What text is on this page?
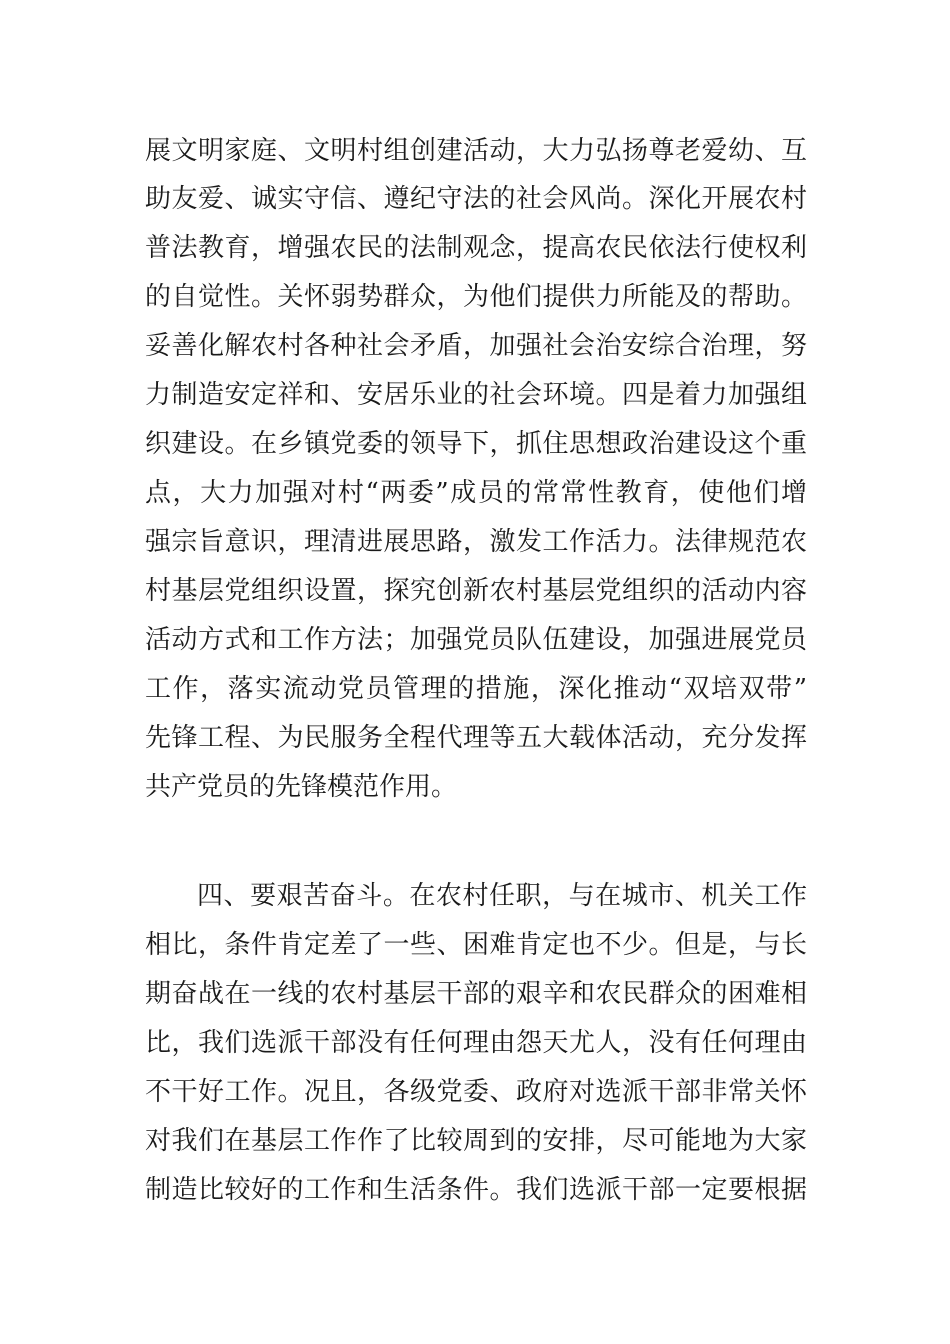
展文明家庭、文明村组创建活动，大力弘扬尊老爱幼、互
助友爱、诚实守信、遵纪守法的社会风尚。深化开展农村
普法教育，增强农民的法制观念，提高农民依法行使权利
的自觉性。关怀弱势群众，为他们提供力所能及的帮助。
妥善化解农村各种社会矛盾，加强社会治安综合治理，努
力制造安定祥和、安居乐业的社会环境。四是着力加强组
织建设。在乡镇党委的领导下，抓住思想政治建设这个重
点，大力加强对村“两委”成员的常常性教育，使他们增
强宗旨意识，理清进展思路，激发工作活力。法律规范农
村基层党组织设置，探究创新农村基层党组织的活动内容
活动方式和工作方法；加强党员队伍建设，加强进展党员
工作，落实流动党员管理的措施，深化推动“双培双带”
先锋工程、为民服务全程代理等五大载体活动，充分发挥
共产党员的先锋模范作用。
四、要艰苦奋斗。在农村任职，与在城市、机关工作
相比，条件肯定差了一些、困难肯定也不少。但是，与长
期奋战在一线的农村基层干部的艰辛和农民群众的困难相
比，我们选派干部没有任何理由怨天尤人，没有任何理由
不干好工作。况且，各级党委、政府对选派干部非常关怀
对我们在基层工作作了比较周到的安排，尽可能地为大家
制造比较好的工作和生活条件。我们选派干部一定要根据
